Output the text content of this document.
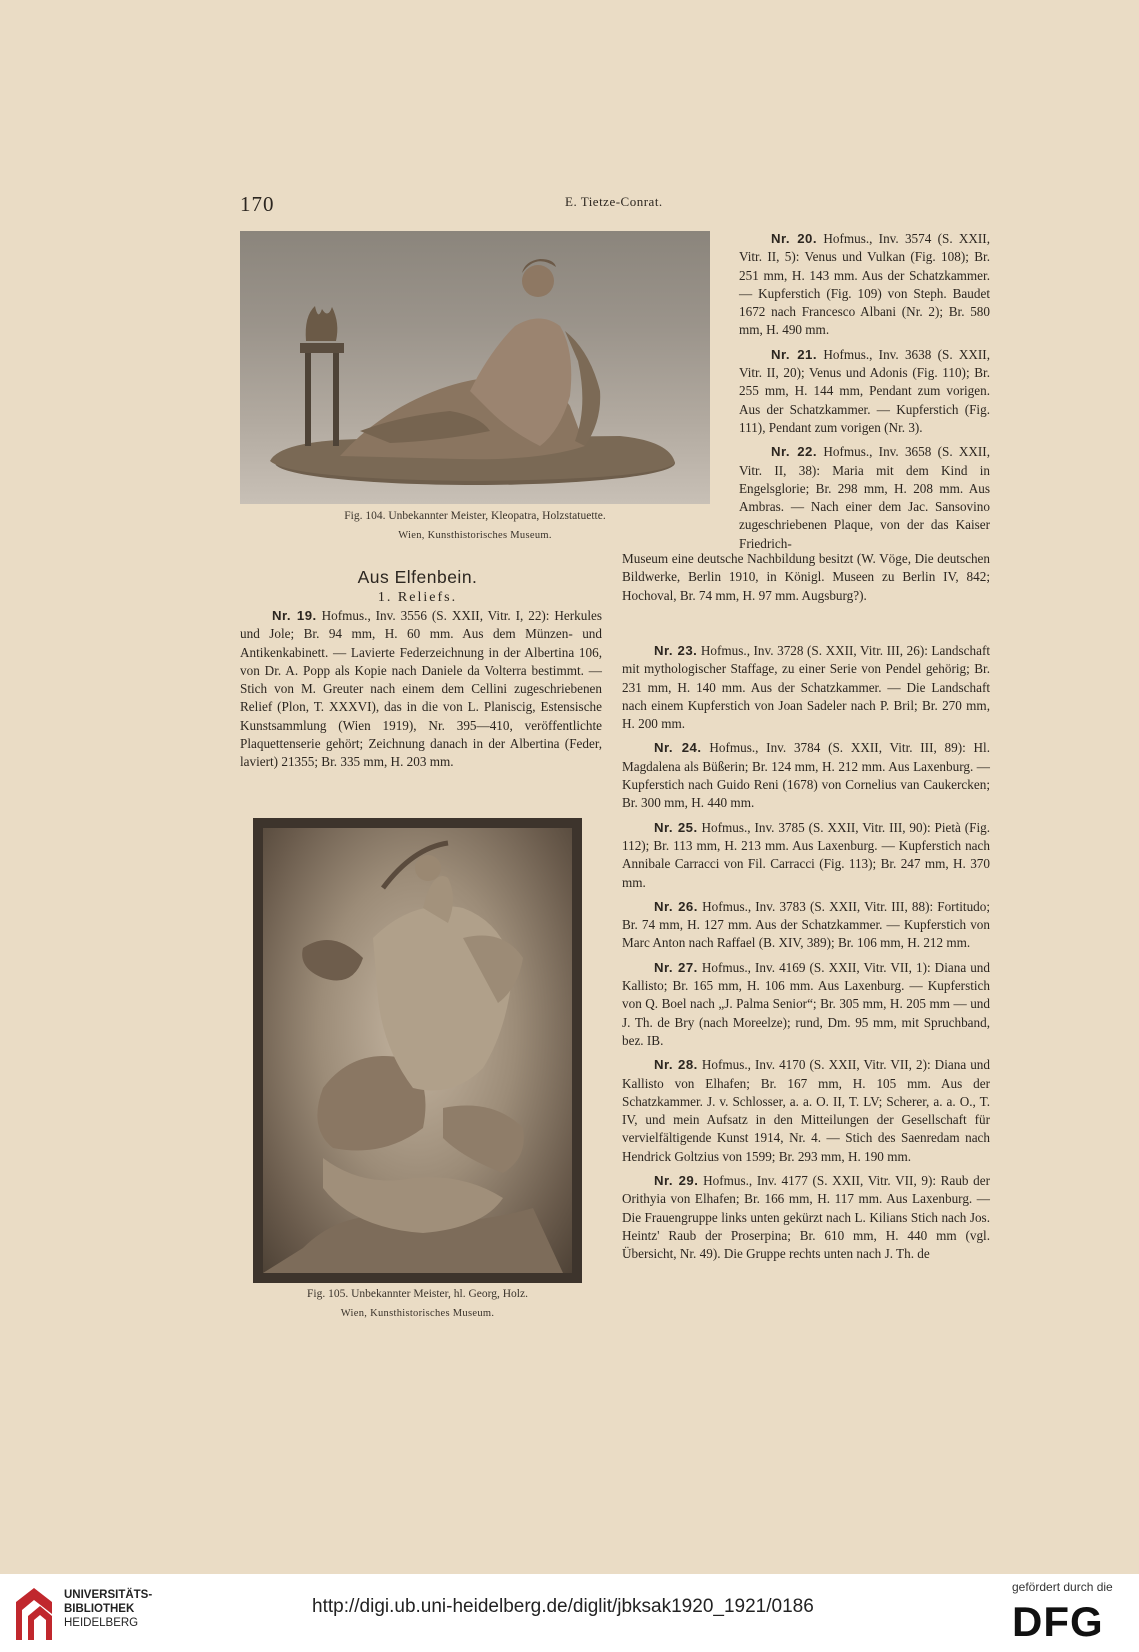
170	E. Tietze-Conrat.
Fig. 104. Unbekannter Meister, Kleopatra, Holzstatuette.
Wien, Kunsthistorisches Museum.

Nr. 20. Hofmus., Inv. 3574 (S. XXII, Vitr. II, 5): Venus und Vulkan (Fig. 108); Br. 251 mm, H. 143 mm. Aus der Schatzkammer. — Kupferstich (Fig. 109) von Steph. Baudet 1672 nach Francesco Albani (Nr. 2); Br. 580 mm, H. 490 mm.

Nr. 21. Hofmus., Inv. 3638 (S. XXII, Vitr. II, 20); Venus und Adonis (Fig. 110); Br. 255 mm, H. 144 mm, Pendant zum vorigen. Aus der Schatzkammer. — Kupferstich (Fig. 111), Pendant zum vorigen (Nr. 3).

Nr. 22. Hofmus., Inv. 3658 (S. XXII, Vitr. II, 38): Maria mit dem Kind in Engelsglorie; Br. 298 mm, H. 208 mm. Aus Ambras. — Nach einer dem Jac. Sansovino zugeschriebenen Plaque, von der das Kaiser Friedrich-

Museum eine deutsche Nachbildung besitzt (W. Vöge, Die deutschen Bildwerke, Berlin 1910, in Königl. Museen zu Berlin IV, 842; Hochoval, Br. 74 mm, H. 97 mm. Augsburg?).

Aus Elfenbein.
1. Reliefs.

Nr. 19. Hofmus., Inv. 3556 (S. XXII, Vitr. I, 22): Herkules und Jole; Br. 94 mm, H. 60 mm. Aus dem Münzen- und Antikenkabinett. — Lavierte Federzeichnung in der Albertina 106, von Dr. A. Popp als Kopie nach Daniele da Volterra bestimmt. — Stich von M. Greuter nach einem dem Cellini zugeschriebenen Relief (Plon, T. XXXVI), das in die von L. Planiscig, Estensische Kunstsammlung (Wien 1919), Nr. 395—410, veröffentlichte Plaquettenserie gehört; Zeichnung danach in der Albertina (Feder, laviert) 21355; Br. 335 mm, H. 203 mm.

Fig. 105. Unbekannter Meister, hl. Georg, Holz.
Wien, Kunsthistorisches Museum.

Nr. 23. Hofmus., Inv. 3728 (S. XXII, Vitr. III, 26): Landschaft mit mythologischer Staffage, zu einer Serie von Pendel gehörig; Br. 231 mm, H. 140 mm. Aus der Schatzkammer. — Die Landschaft nach einem Kupferstich von Joan Sadeler nach P. Bril; Br. 270 mm, H. 200 mm.

Nr. 24. Hofmus., Inv. 3784 (S. XXII, Vitr. III, 89): Hl. Magdalena als Büßerin; Br. 124 mm, H. 212 mm. Aus Laxenburg. — Kupferstich nach Guido Reni (1678) von Cornelius van Caukercken; Br. 300 mm, H. 440 mm.

Nr. 25. Hofmus., Inv. 3785 (S. XXII, Vitr. III, 90): Pietà (Fig. 112); Br. 113 mm, H. 213 mm. Aus Laxenburg. — Kupferstich nach Annibale Carracci von Fil. Carracci (Fig. 113); Br. 247 mm, H. 370 mm.

Nr. 26. Hofmus., Inv. 3783 (S. XXII, Vitr. III, 88): Fortitudo; Br. 74 mm, H. 127 mm. Aus der Schatzkammer. — Kupferstich von Marc Anton nach Raffael (B. XIV, 389); Br. 106 mm, H. 212 mm.

Nr. 27. Hofmus., Inv. 4169 (S. XXII, Vitr. VII, 1): Diana und Kallisto; Br. 165 mm, H. 106 mm. Aus Laxenburg. — Kupferstich von Q. Boel nach „J. Palma Senior“; Br. 305 mm, H. 205 mm — und J. Th. de Bry (nach Moreelze); rund, Dm. 95 mm, mit Spruchband, bez. IB.

Nr. 28. Hofmus., Inv. 4170 (S. XXII, Vitr. VII, 2): Diana und Kallisto von Elhafen; Br. 167 mm, H. 105 mm. Aus der Schatzkammer. J. v. Schlosser, a. a. O. II, T. LV; Scherer, a. a. O., T. IV, und mein Aufsatz in den Mitteilungen der Gesellschaft für vervielfältigende Kunst 1914, Nr. 4. — Stich des Saenredam nach Hendrick Goltzius von 1599; Br. 293 mm, H. 190 mm.

Nr. 29. Hofmus., Inv. 4177 (S. XXII, Vitr. VII, 9): Raub der Orithyia von Elhafen; Br. 166 mm, H. 117 mm. Aus Laxenburg. — Die Frauengruppe links unten gekürzt nach L. Kilians Stich nach Jos. Heintz' Raub der Proserpina; Br. 610 mm, H. 440 mm (vgl. Übersicht, Nr. 49). Die Gruppe rechts unten nach J. Th. de

UNIVERSITÄTS-
BIBLIOTHEK
HEIDELBERG
http://digi.ub.uni-heidelberg.de/diglit/jbksak1920_1921/0186
gefördert durch die
DFG
